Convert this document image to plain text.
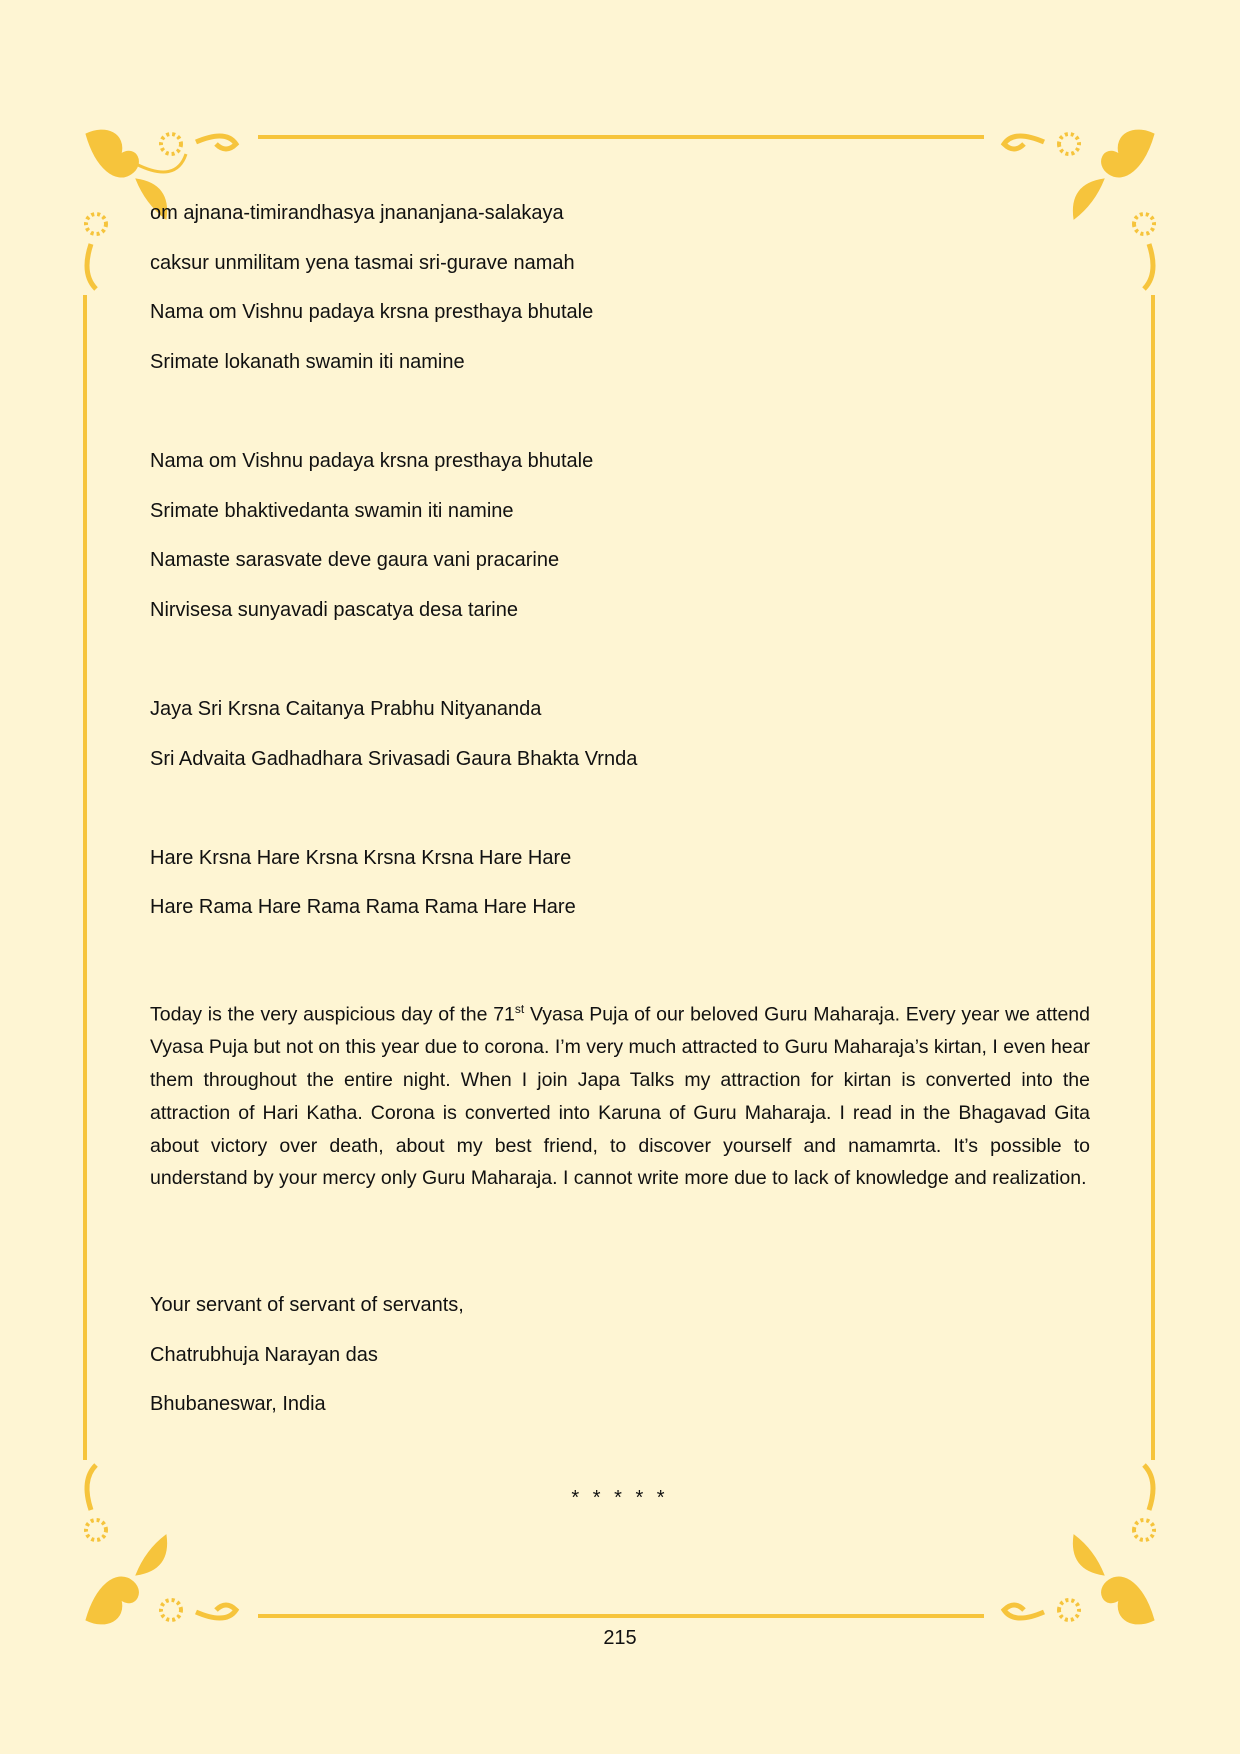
om ajnana-timirandhasya jnananjana-salakaya
caksur unmilitam yena tasmai sri-gurave namah
Nama om Vishnu padaya krsna presthaya bhutale
Srimate lokanath swamin iti namine
Nama om Vishnu padaya krsna presthaya bhutale
Srimate bhaktivedanta swamin iti namine
Namaste sarasvate deve gaura vani pracarine
Nirvisesa sunyavadi pascatya desa tarine
Jaya Sri Krsna Caitanya Prabhu Nityananda
Sri Advaita Gadhadhara Srivasadi Gaura Bhakta Vrnda
Hare Krsna Hare Krsna Krsna Krsna Hare Hare
Hare Rama Hare Rama Rama Rama Hare Hare
Today is the very auspicious day of the 71st Vyasa Puja of our beloved Guru Maharaja. Every year we attend Vyasa Puja but not on this year due to corona. I’m very much attracted to Guru Maharaja’s kirtan, I even hear them throughout the entire night. When I join Japa Talks my attraction for kirtan is converted into the attraction of Hari Katha. Corona is converted into Karuna of Guru Maharaja. I read in the Bhagavad Gita about victory over death, about my best friend, to discover yourself and namamrta. It’s possible to understand by your mercy only Guru Maharaja. I cannot write more due to lack of knowledge and realization.
Your servant of servant of servants,
Chatrubhuja Narayan das
Bhubaneswar, India
* * * * *
215
